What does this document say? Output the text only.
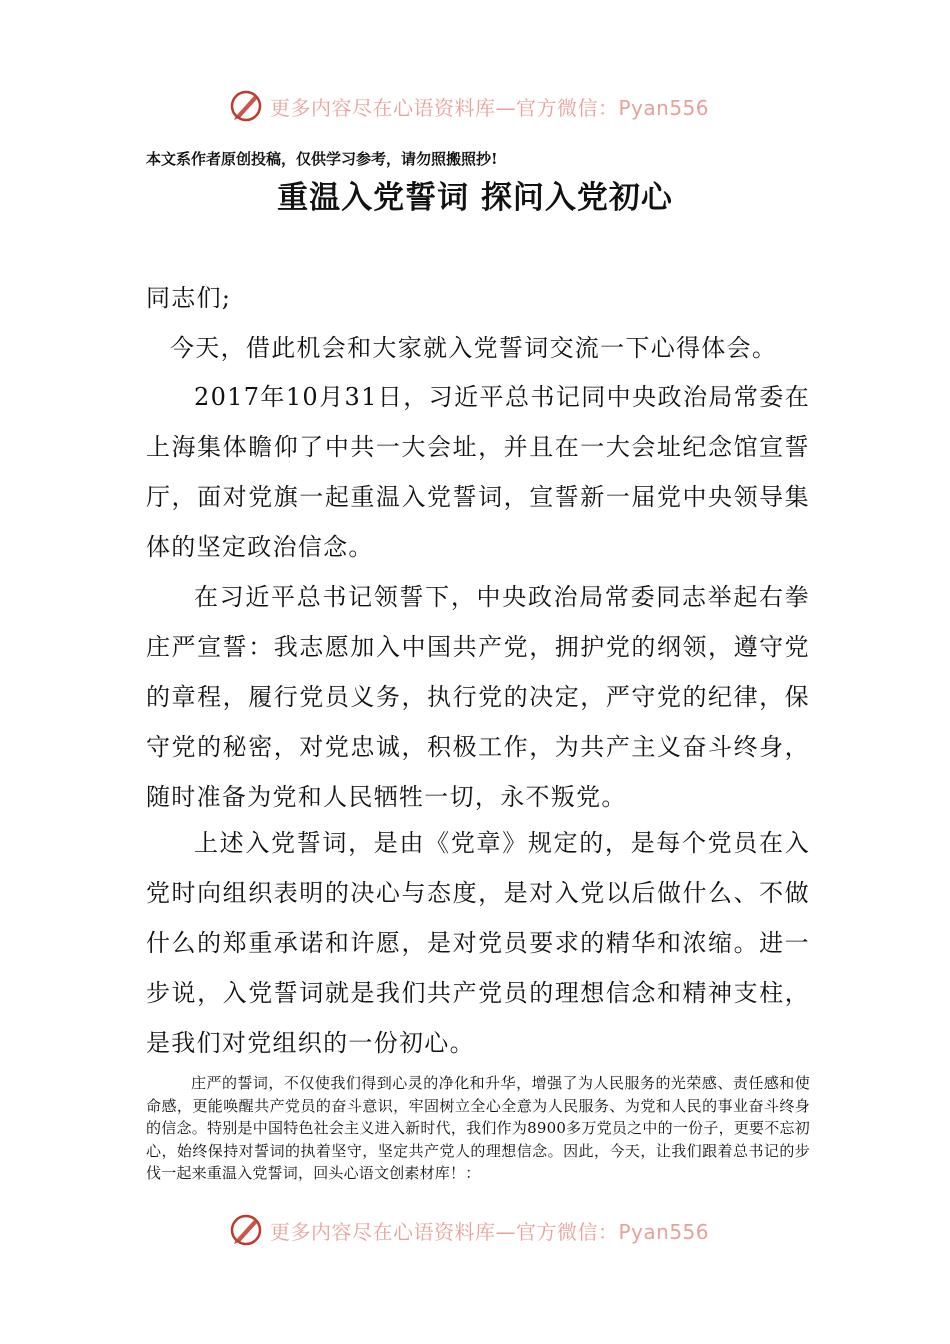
更多内容尽在心语资料库—官方微信：Pyan556
本文系作者原创投稿，仅供学习参考，请勿照搬照抄!
重温入党誓词 探问入党初心

同志们;

今天，借此机会和大家就入党誓词交流一下心得体会。

2017年10月31日，习近平总书记同中央政治局常委在上海集体瞻仰了中共一大会址，并且在一大会址纪念馆宣誓厅，面对党旗一起重温入党誓词，宣誓新一届党中央领导集体的坚定政治信念。
在习近平总书记领誓下，中央政治局常委同志举起右拳庄严宣誓：我志愿加入中国共产党，拥护党的纲领，遵守党的章程，履行党员义务，执行党的决定，严守党的纪律，保守党的秘密，对党忠诚，积极工作，为共产主义奋斗终身，随时准备为党和人民牺牲一切，永不叛党。
上述入党誓词，是由《党章》规定的，是每个党员在入党时向组织表明的决心与态度，是对入党以后做什么、不做什么的郑重承诺和许愿，是对党员要求的精华和浓缩。进一步说，入党誓词就是我们共产党员的理想信念和精神支柱，是我们对党组织的一份初心。
庄严的誓词，不仅使我们得到心灵的净化和升华，增强了为人民服务的光荣感、责任感和使命感，更能唤醒共产党员的奋斗意识，牢固树立全心全意为人民服务、为党和人民的事业奋斗终身的信念。特别是中国特色社会主义进入新时代，我们作为8900多万党员之中的一份子，更要不忘初心，始终保持对誓词的执着坚守，坚定共产党人的理想信念。因此，今天，让我们跟着总书记的步伐一起来重温入党誓词，回头心语文创素材库！：
更多内容尽在心语资料库—官方微信：Pyan556
